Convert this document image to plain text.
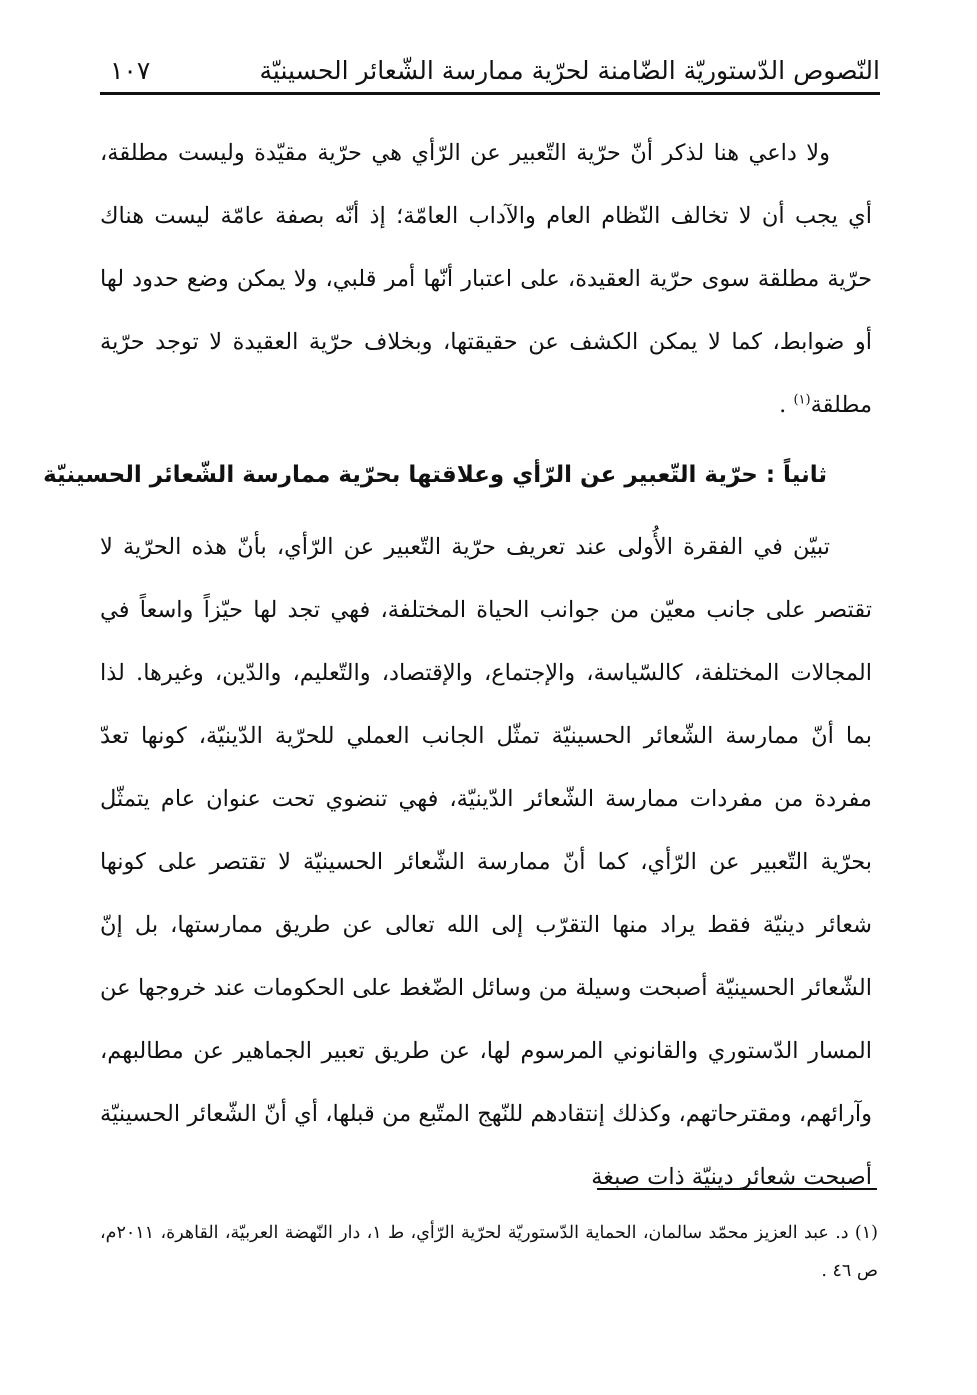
النّصوص الدّستوريّة الضّامنة لحرّية ممارسة الشّعائر الحسينيّة
١٠٧

ولا داعي هنا لذكر أنّ حرّية التّعبير عن الرّأي هي حرّية مقيّدة وليست مطلقة، أي يجب أن لا تخالف النّظام العام والآداب العامّة؛ إذ أنّه بصفة عامّة ليست هناك حرّية مطلقة سوى حرّية العقيدة، على اعتبار أنّها أمر قلبي، ولا يمكن وضع حدود لها أو ضوابط، كما لا يمكن الكشف عن حقيقتها، وبخلاف حرّية العقيدة لا توجد حرّية مطلقة$^{(١)}$ .

ثانياً : حرّية التّعبير عن الرّأي وعلاقتها بحرّية ممارسة الشّعائر الحسينيّة

تبيّن في الفقرة الأُولى عند تعريف حرّية التّعبير عن الرّأي، بأنّ هذه الحرّية لا تقتصر على جانب معيّن من جوانب الحياة المختلفة، فهي تجد لها حيّزاً واسعاً في المجالات المختلفة، كالسّياسة، والإجتماع، والإقتصاد، والتّعليم، والدّين، وغيرها. لذا بما أنّ ممارسة الشّعائر الحسينيّة تمثّل الجانب العملي للحرّية الدّينيّة، كونها تعدّ مفردة من مفردات ممارسة الشّعائر الدّينيّة، فهي تنضوي تحت عنوان عام يتمثّل بحرّية التّعبير عن الرّأي، كما أنّ ممارسة الشّعائر الحسينيّة لا تقتصر على كونها شعائر دينيّة فقط يراد منها التقرّب إلى الله تعالى عن طريق ممارستها، بل إنّ الشّعائر الحسينيّة أصبحت وسيلة من وسائل الضّغط على الحكومات عند خروجها عن المسار الدّستوري والقانوني المرسوم لها، عن طريق تعبير الجماهير عن مطالبهم، وآرائهم، ومقترحاتهم، وكذلك إنتقادهم للنّهج المتّبع من قبلها، أي أنّ الشّعائر الحسينيّة أصبحت شعائر دينيّة ذات صبغة

(١) د. عبد العزيز محمّد سالمان، الحماية الدّستوريّة لحرّية الرّأي، ط ١، دار النّهضة العربيّة، القاهرة، ٢٠١١م، ص ٤٦ .
